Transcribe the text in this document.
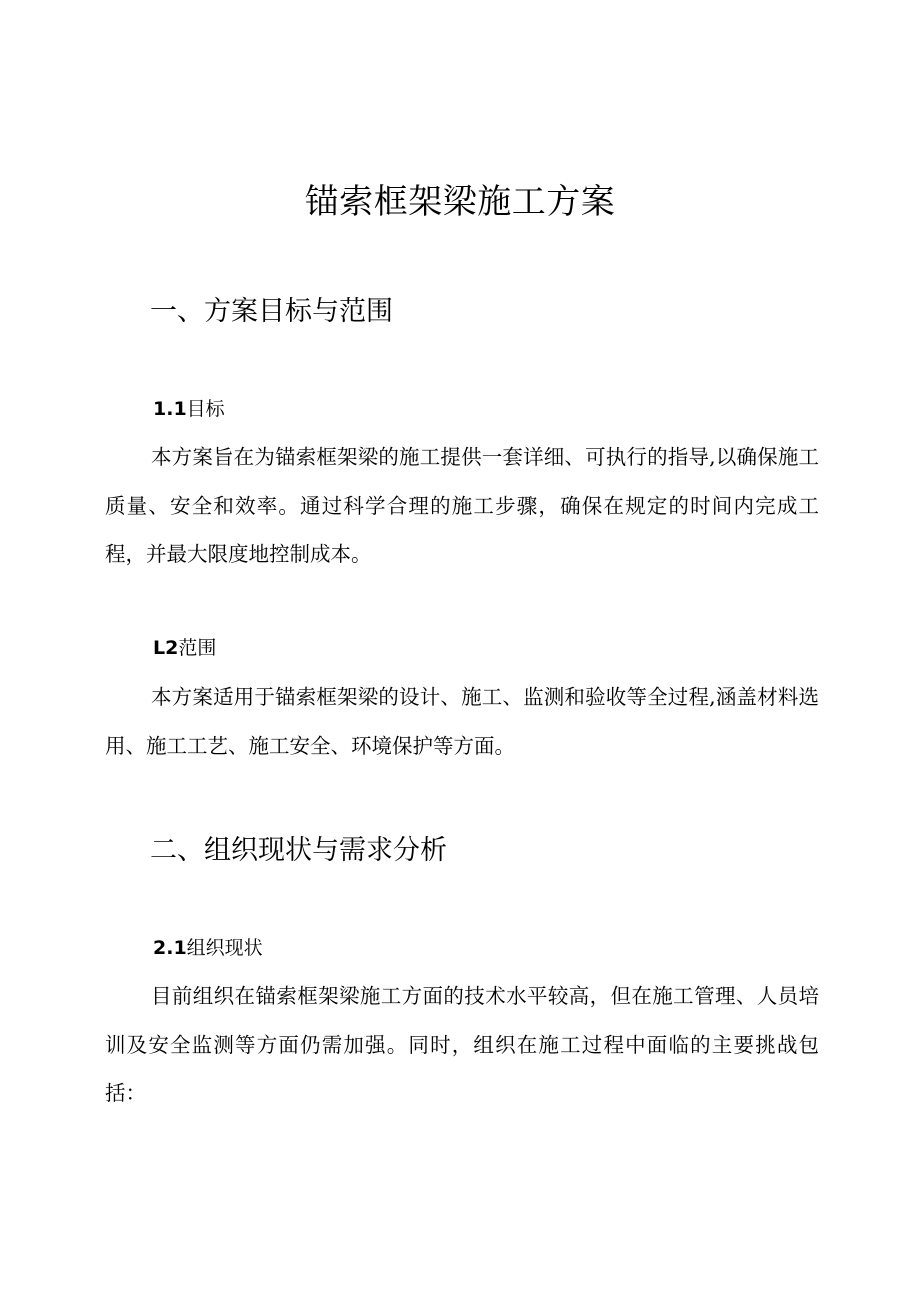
锚索框架梁施工方案
一、方案目标与范围
1.1目标

本方案旨在为锚索框架梁的施工提供一套详细、可执行的指导,以确保施工质量、安全和效率。通过科学合理的施工步骤，确保在规定的时间内完成工程，并最大限度地控制成本。

L2范围

本方案适用于锚索框架梁的设计、施工、监测和验收等全过程,涵盖材料选用、施工工艺、施工安全、环境保护等方面。

二、组织现状与需求分析
2.1组织现状

目前组织在锚索框架梁施工方面的技术水平较高，但在施工管理、人员培训及安全监测等方面仍需加强。同时，组织在施工过程中面临的主要挑战包括：
